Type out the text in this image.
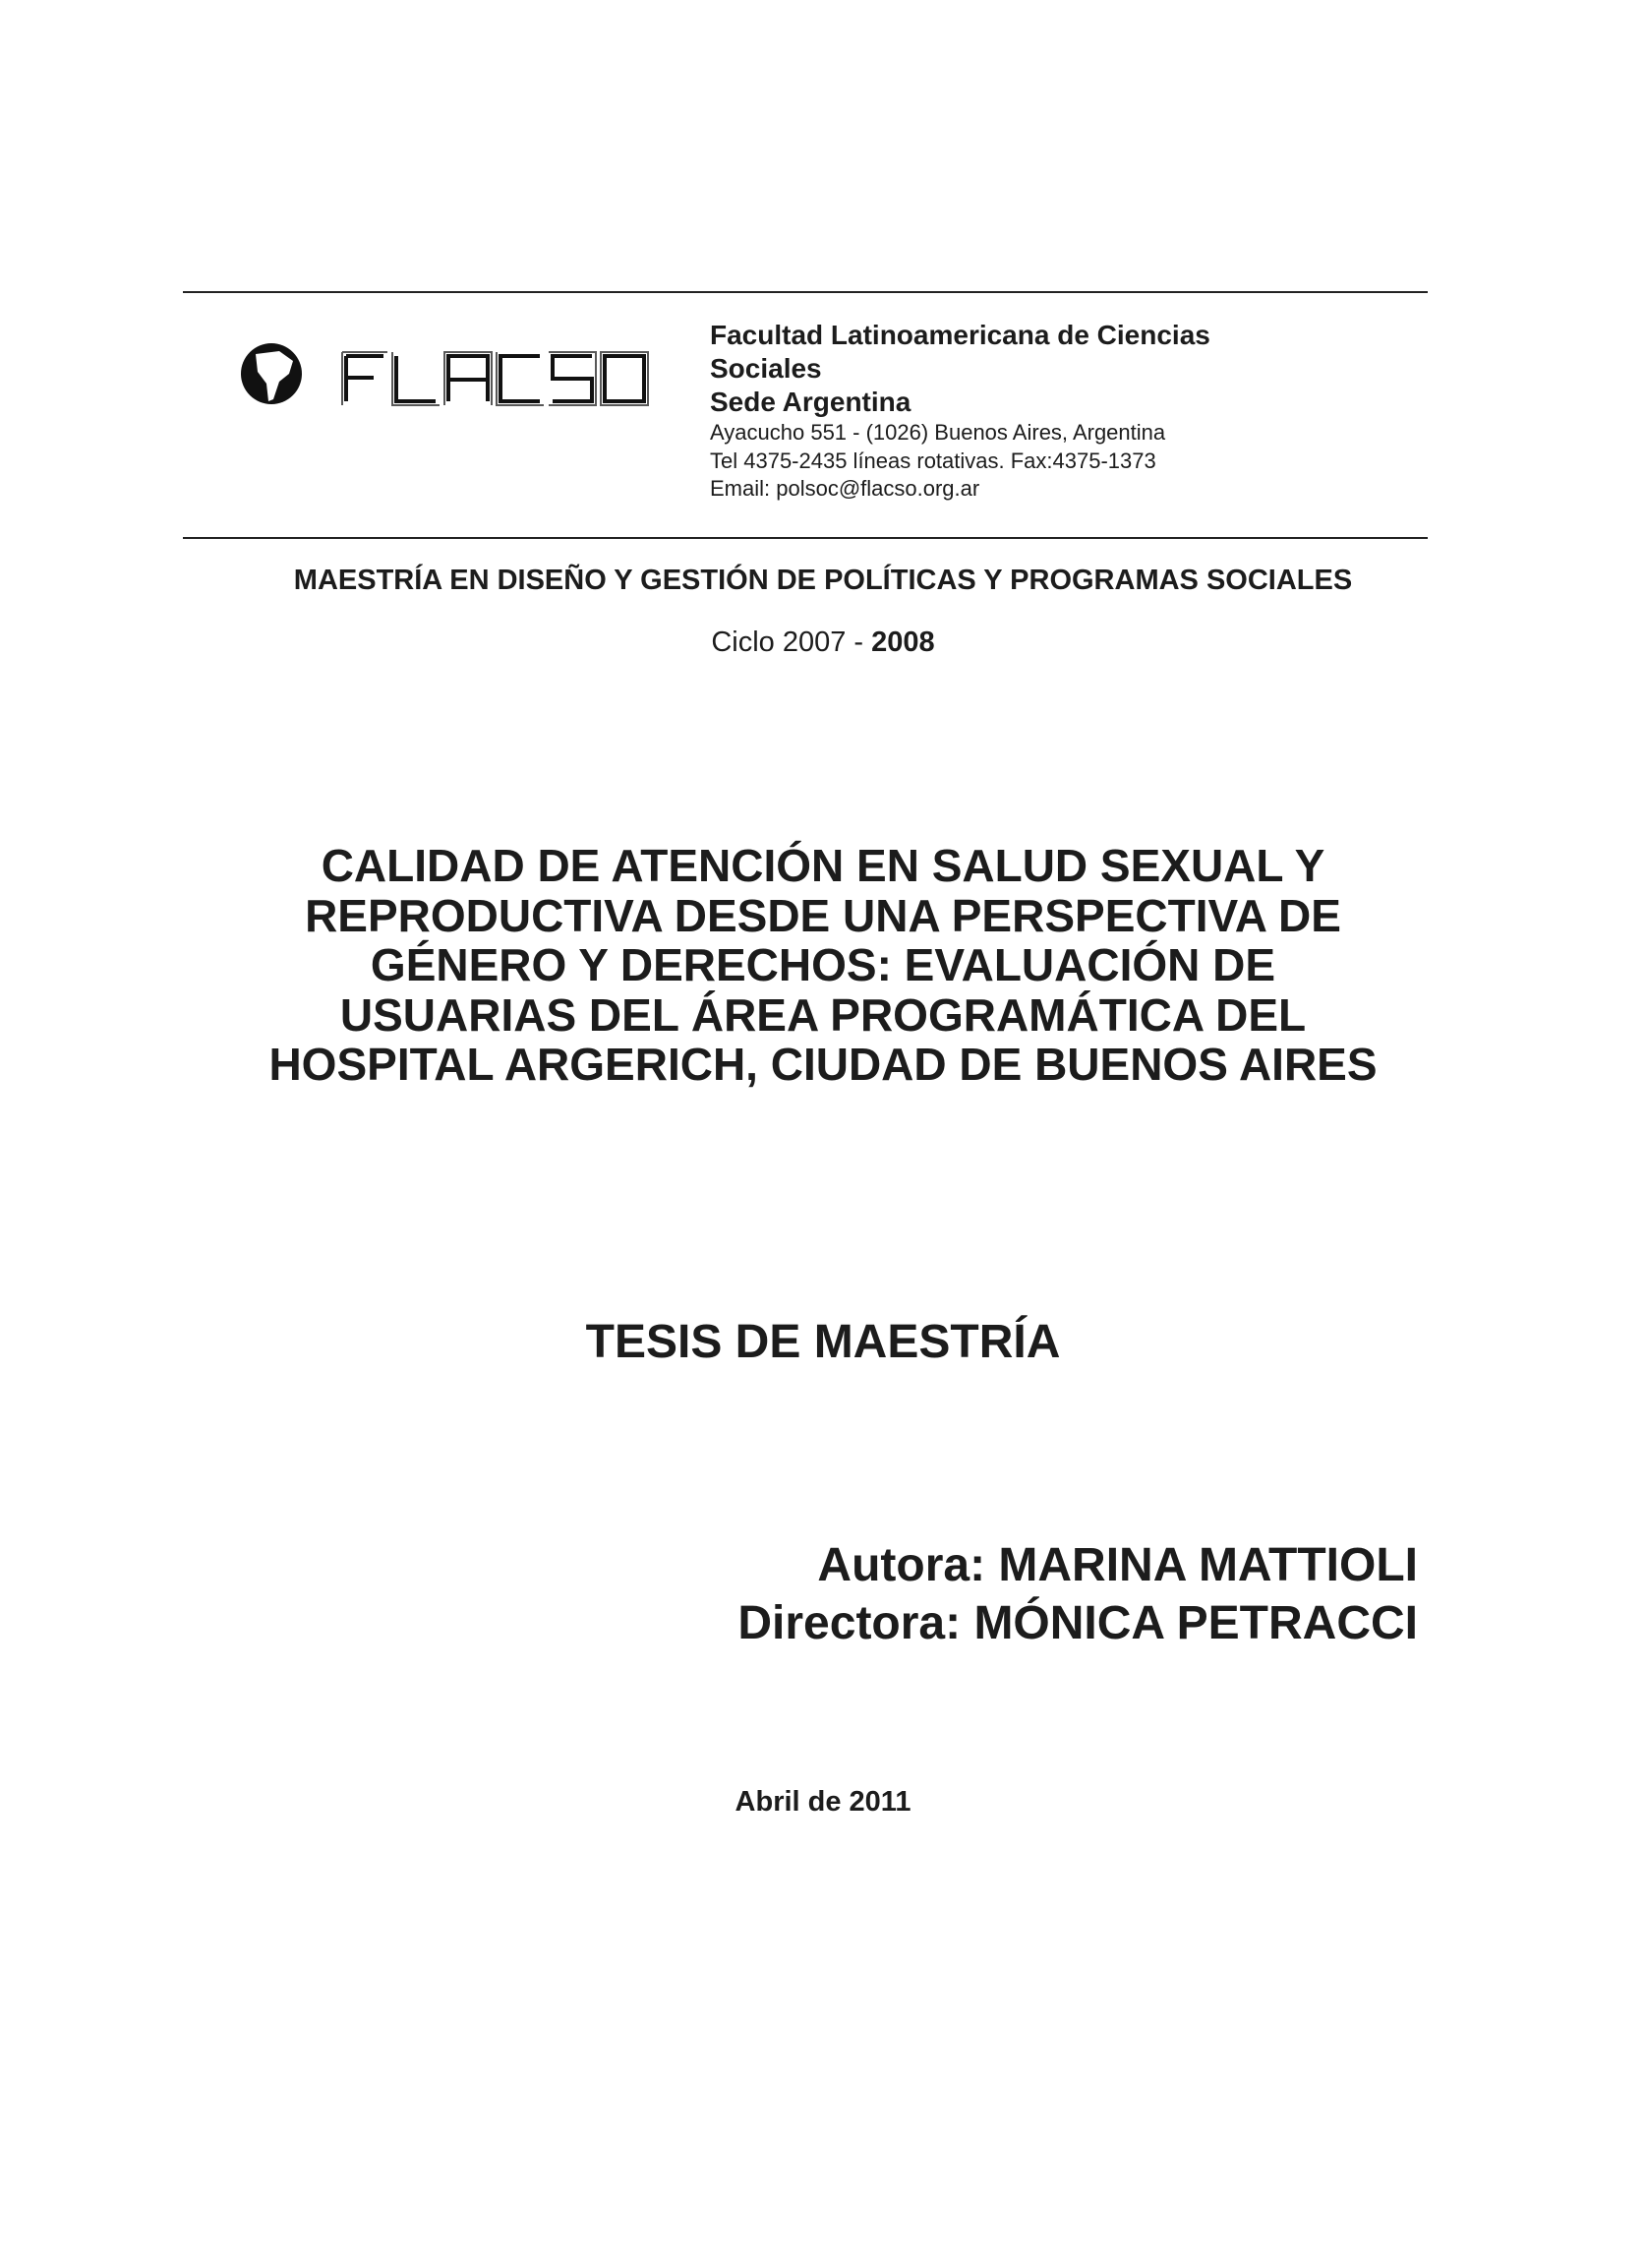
Facultad Latinoamericana de Ciencias
Sociales
Sede Argentina
Ayacucho 551 - (1026) Buenos Aires, Argentina
Tel 4375-2435 líneas rotativas. Fax:4375-1373
Email: polsoc@flacso.org.ar
MAESTRÍA EN DISEÑO Y GESTIÓN DE POLÍTICAS Y PROGRAMAS SOCIALES
Ciclo 2007 - 2008
CALIDAD DE ATENCIÓN EN SALUD SEXUAL Y
REPRODUCTIVA DESDE UNA PERSPECTIVA DE
GÉNERO Y DERECHOS: EVALUACIÓN DE
USUARIAS DEL ÁREA PROGRAMÁTICA DEL
HOSPITAL ARGERICH, CIUDAD DE BUENOS AIRES
TESIS DE MAESTRÍA
Autora: MARINA MATTIOLI
Directora: MÓNICA PETRACCI
Abril de 2011
